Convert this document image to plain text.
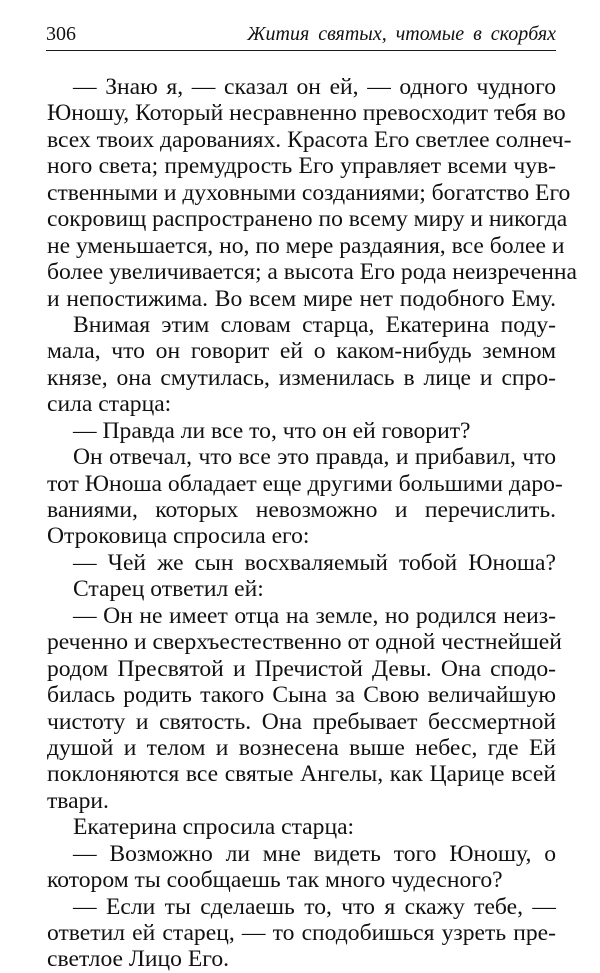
306	Жития святых, чтомые в скорбях
— Знаю я, — сказал он ей, — одного чудного
Юношу, Который несравненно превосходит тебя во
всех твоих дарованиях. Красота Его светлее солнеч-
ного света; премудрость Его управляет всеми чув-
ственными и духовными созданиями; богатство Его
сокровищ распространено по всему миру и никогда
не уменьшается, но, по мере раздаяния, все более и
более увеличивается; а высота Его рода неизреченна
и непостижима. Во всем мире нет подобного Ему.
Внимая этим словам старца, Екатерина поду-
мала, что он говорит ей о каком-нибудь земном
князе, она смутилась, изменилась в лице и спро-
сила старца:
— Правда ли все то, что он ей говорит?
Он отвечал, что все это правда, и прибавил, что
тот Юноша обладает еще другими большими даро-
ваниями, которых невозможно и перечислить.
Отроковица спросила его:
— Чей же сын восхваляемый тобой Юноша?
Старец ответил ей:
— Он не имеет отца на земле, но родился неиз-
реченно и сверхъестественно от одной честнейшей
родом Пресвятой и Пречистой Девы. Она сподо-
билась родить такого Сына за Свою величайшую
чистоту и святость. Она пребывает бессмертной
душой и телом и вознесена выше небес, где Ей
поклоняются все святые Ангелы, как Царице всей
твари.
Екатерина спросила старца:
— Возможно ли мне видеть того Юношу, о
котором ты сообщаешь так много чудесного?
— Если ты сделаешь то, что я скажу тебе, —
ответил ей старец, — то сподобишься узреть пре-
светлое Лицо Его.
